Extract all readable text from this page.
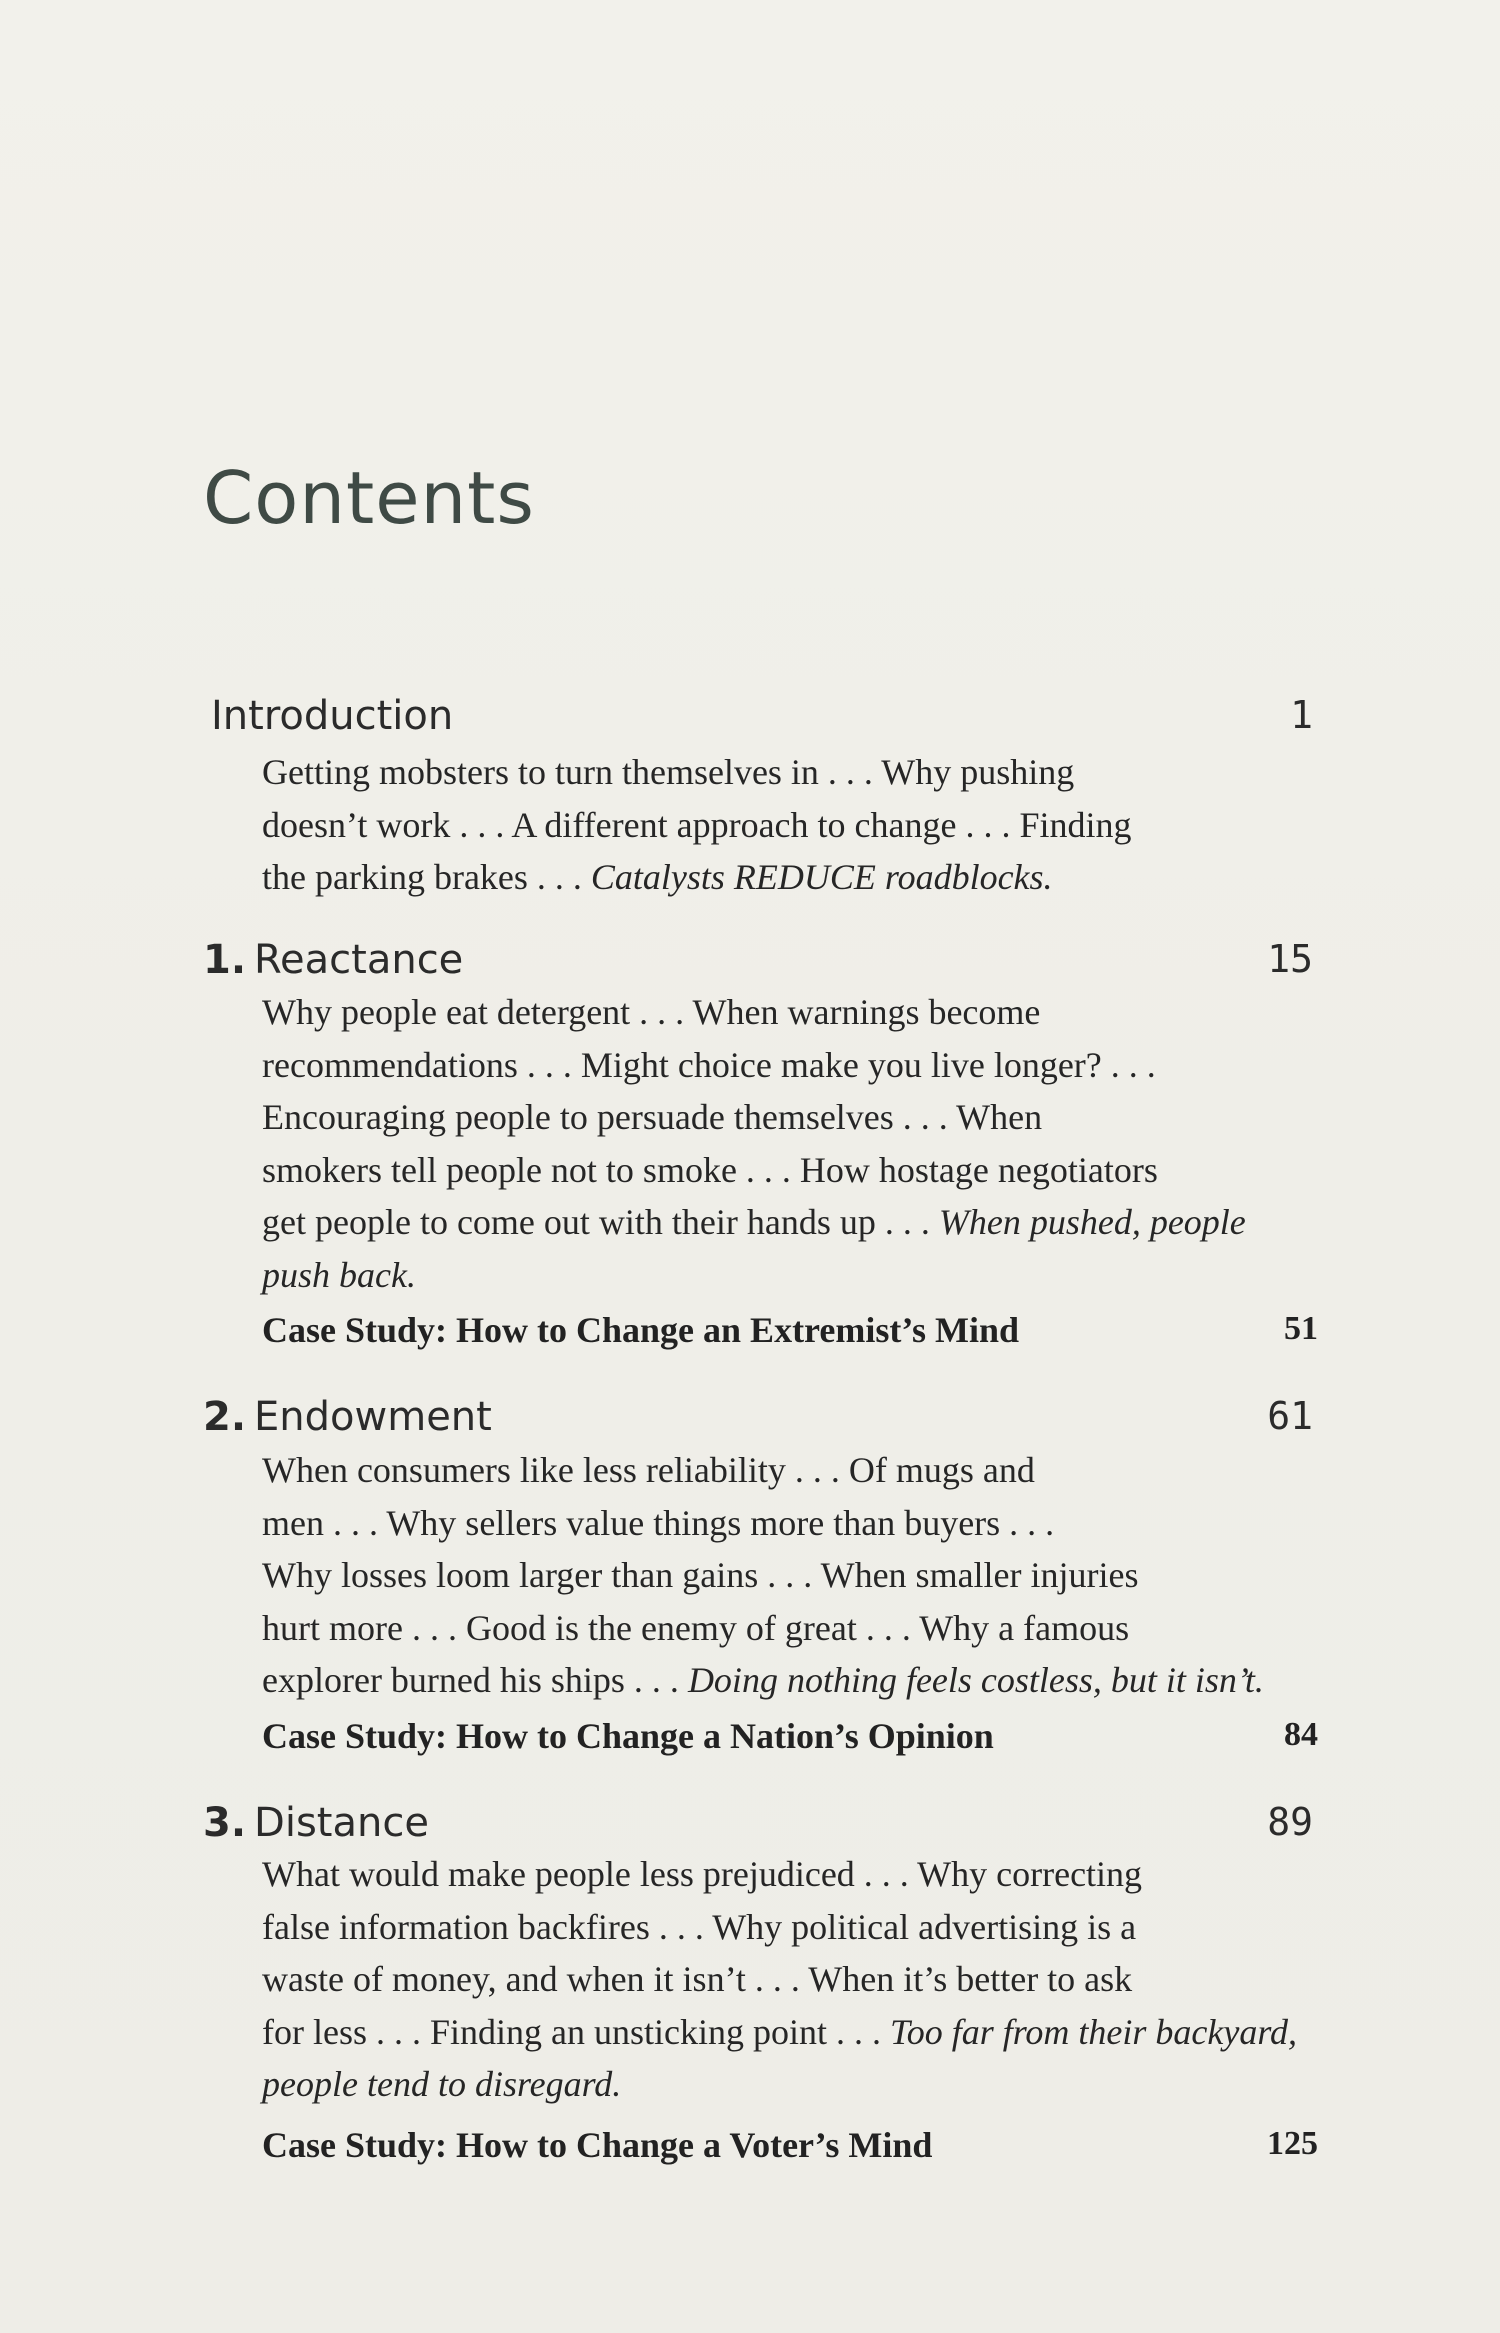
Contents
Introduction	1
Getting mobsters to turn themselves in . . . Why pushing
doesn’t work . . . A different approach to change . . . Finding
the parking brakes . . . Catalysts REDUCE roadblocks.
1. Reactance	15
Why people eat detergent . . . When warnings become
recommendations . . . Might choice make you live longer? . . .
Encouraging people to persuade themselves . . . When
smokers tell people not to smoke . . . How hostage negotiators
get people to come out with their hands up . . . When pushed, people push back.
Case Study: How to Change an Extremist’s Mind	51
2. Endowment	61
When consumers like less reliability . . . Of mugs and
men . . . Why sellers value things more than buyers . . .
Why losses loom larger than gains . . . When smaller injuries
hurt more . . . Good is the enemy of great . . . Why a famous
explorer burned his ships . . . Doing nothing feels costless, but it isn’t.
Case Study: How to Change a Nation’s Opinion	84
3. Distance	89
What would make people less prejudiced . . . Why correcting
false information backfires . . . Why political advertising is a
waste of money, and when it isn’t . . . When it’s better to ask
for less . . . Finding an unsticking point . . . Too far from their backyard, people tend to disregard.
Case Study: How to Change a Voter’s Mind	125
